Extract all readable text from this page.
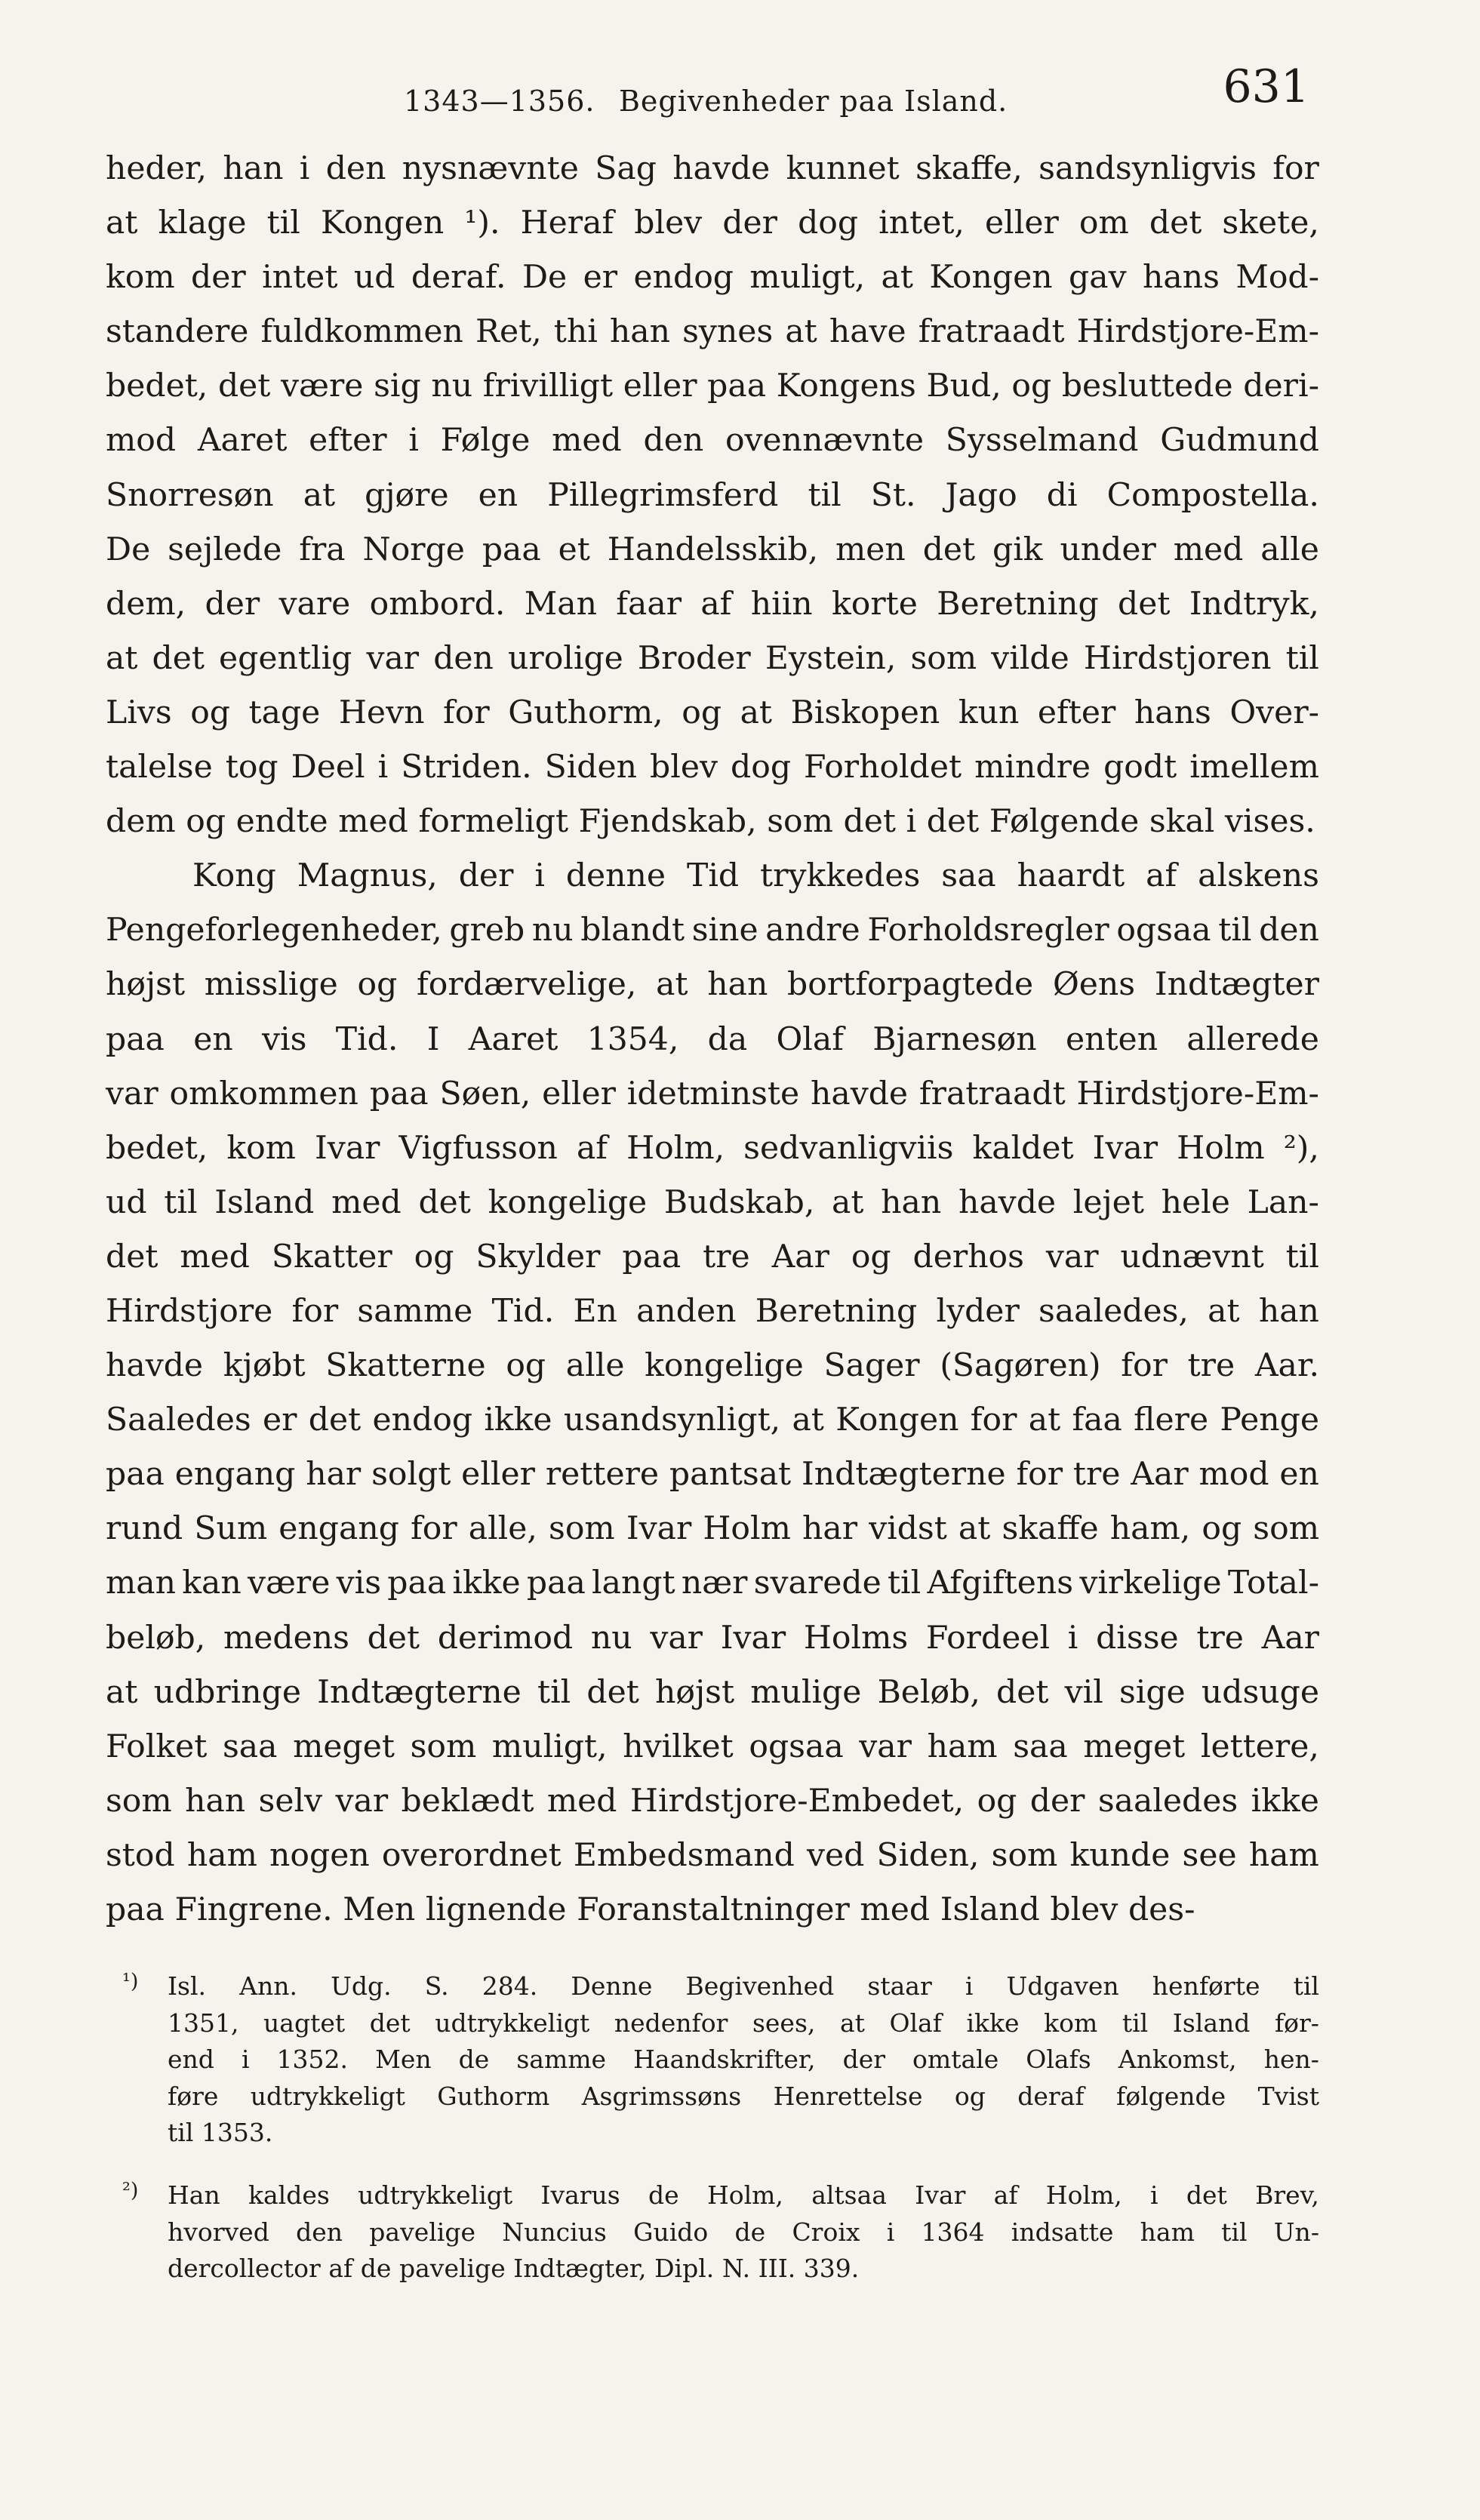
1343—1356. Begivenheder paa Island.	631
heder, han i den nysnævnte Sag havde kunnet skaffe, sandsynligvis for
at klage til Kongen ¹). Heraf blev der dog intet, eller om det skete,
kom der intet ud deraf. De er endog muligt, at Kongen gav hans Mod-
standere fuldkommen Ret, thi han synes at have fratraadt Hirdstjore-Em-
bedet, det være sig nu frivilligt eller paa Kongens Bud, og besluttede deri-
mod Aaret efter i Følge med den ovennævnte Sysselmand Gudmund
Snorresøn at gjøre en Pillegrimsferd til St. Jago di Compostella.
De sejlede fra Norge paa et Handelsskib, men det gik under med alle
dem, der vare ombord. Man faar af hiin korte Beretning det Indtryk,
at det egentlig var den urolige Broder Eystein, som vilde Hirdstjoren til
Livs og tage Hevn for Guthorm, og at Biskopen kun efter hans Over-
talelse tog Deel i Striden. Siden blev dog Forholdet mindre godt imellem
dem og endte med formeligt Fjendskab, som det i det Følgende skal vises.
Kong Magnus, der i denne Tid trykkedes saa haardt af alskens
Pengeforlegenheder, greb nu blandt sine andre Forholdsregler ogsaa til den
højst misslige og fordærvelige, at han bortforpagtede Øens Indtægter
paa en vis Tid. I Aaret 1354, da Olaf Bjarnesøn enten allerede
var omkommen paa Søen, eller idetminste havde fratraadt Hirdstjore-Em-
bedet, kom Ivar Vigfusson af Holm, sedvanligviis kaldet Ivar Holm ²),
ud til Island med det kongelige Budskab, at han havde lejet hele Lan-
det med Skatter og Skylder paa tre Aar og derhos var udnævnt til
Hirdstjore for samme Tid. En anden Beretning lyder saaledes, at han
havde kjøbt Skatterne og alle kongelige Sager (Sagøren) for tre Aar.
Saaledes er det endog ikke usandsynligt, at Kongen for at faa flere Penge
paa engang har solgt eller rettere pantsat Indtægterne for tre Aar mod en
rund Sum engang for alle, som Ivar Holm har vidst at skaffe ham, og som
man kan være vis paa ikke paa langt nær svarede til Afgiftens virkelige Total-
beløb, medens det derimod nu var Ivar Holms Fordeel i disse tre Aar
at udbringe Indtægterne til det højst mulige Beløb, det vil sige udsuge
Folket saa meget som muligt, hvilket ogsaa var ham saa meget lettere,
som han selv var beklædt med Hirdstjore-Embedet, og der saaledes ikke
stod ham nogen overordnet Embedsmand ved Siden, som kunde see ham
paa Fingrene. Men lignende Foranstaltninger med Island blev des-
¹) Isl. Ann. Udg. S. 284. Denne Begivenhed staar i Udgaven henførte til
1351, uagtet det udtrykkeligt nedenfor sees, at Olaf ikke kom til Island før-
end i 1352. Men de samme Haandskrifter, der omtale Olafs Ankomst, hen-
føre udtrykkeligt Guthorm Asgrimssøns Henrettelse og deraf følgende Tvist
til 1353.
²) Han kaldes udtrykkeligt Ivarus de Holm, altsaa Ivar af Holm, i det Brev,
hvorved den pavelige Nuncius Guido de Croix i 1364 indsatte ham til Un-
dercollector af de pavelige Indtægter, Dipl. N. III. 339.
